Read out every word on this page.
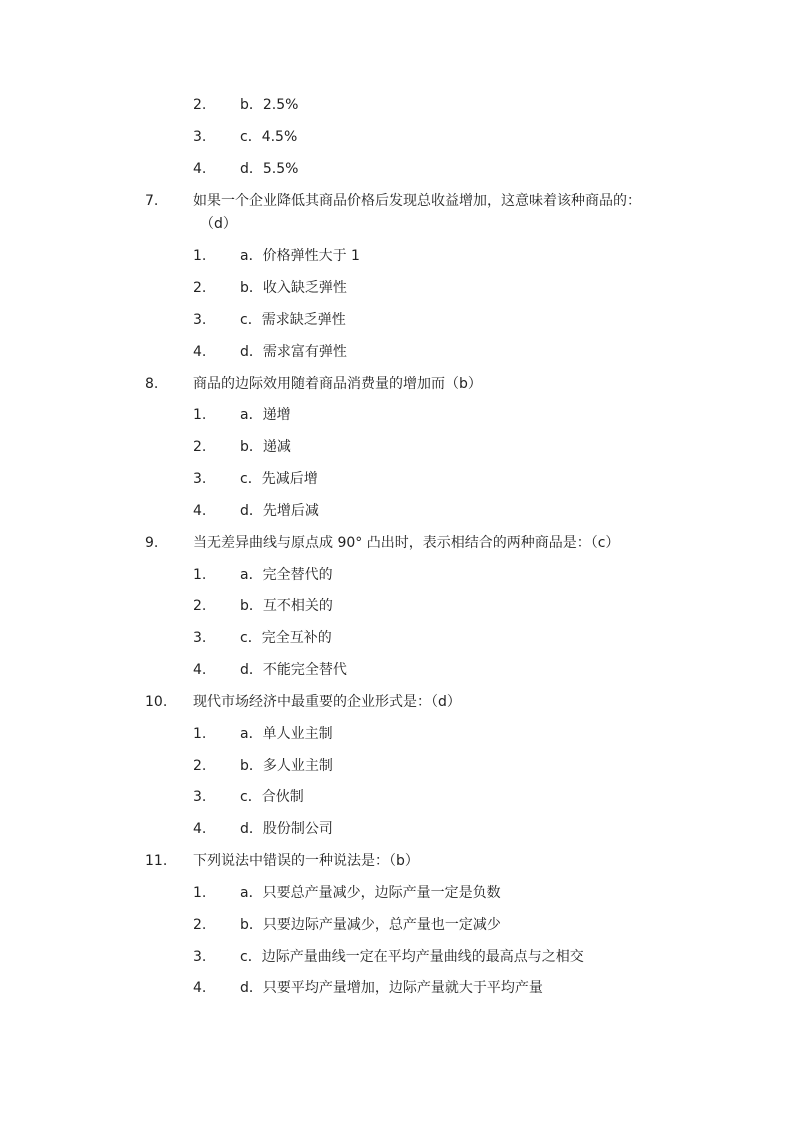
2. b．2.5%
3. c．4.5%
4. d．5.5%
7. 如果一个企业降低其商品价格后发现总收益增加，这意味着该种商品的：
（d）
1. a．价格弹性大于 1
2. b．收入缺乏弹性
3. c．需求缺乏弹性
4. d．需求富有弹性
8. 商品的边际效用随着商品消费量的增加而（b）
1. a．递增
2. b．递减
3. c．先减后增
4. d．先增后减
9. 当无差异曲线与原点成 90° 凸出时，表示相结合的两种商品是：（c）
1. a．完全替代的
2. b．互不相关的
3. c．完全互补的
4. d．不能完全替代
10. 现代市场经济中最重要的企业形式是：（d）
1. a．单人业主制
2. b．多人业主制
3. c．合伙制
4. d．股份制公司
11. 下列说法中错误的一种说法是：（b）
1. a．只要总产量减少，边际产量一定是负数
2. b．只要边际产量减少，总产量也一定减少
3. c．边际产量曲线一定在平均产量曲线的最高点与之相交
4. d．只要平均产量增加，边际产量就大于平均产量
